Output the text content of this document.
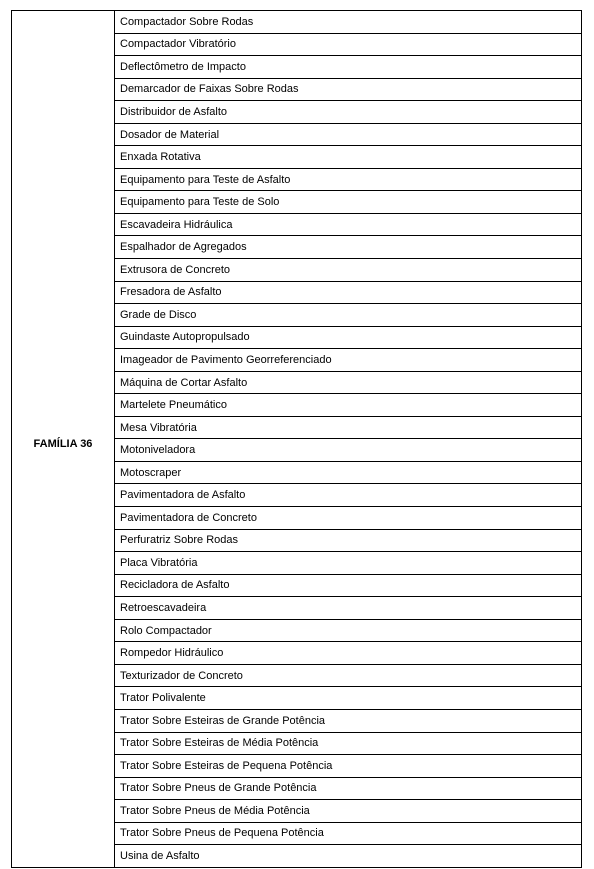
FAMÍLIA 36	Compactador Sobre Rodas
Compactador Vibratório
Deflectômetro de Impacto
Demarcador de Faixas Sobre Rodas
Distribuidor de Asfalto
Dosador de Material
Enxada Rotativa
Equipamento para Teste de Asfalto
Equipamento para Teste de Solo
Escavadeira Hidráulica
Espalhador de Agregados
Extrusora de Concreto
Fresadora de Asfalto
Grade de Disco
Guindaste Autopropulsado
Imageador de Pavimento Georreferenciado
Máquina de Cortar Asfalto
Martelete Pneumático
Mesa Vibratória
Motoniveladora
Motoscraper
Pavimentadora de Asfalto
Pavimentadora de Concreto
Perfuratriz Sobre Rodas
Placa Vibratória
Recicladora de Asfalto
Retroescavadeira
Rolo Compactador
Rompedor Hidráulico
Texturizador de Concreto
Trator Polivalente
Trator Sobre Esteiras de Grande Potência
Trator Sobre Esteiras de Média Potência
Trator Sobre Esteiras de Pequena Potência
Trator Sobre Pneus de Grande Potência
Trator Sobre Pneus de Média Potência
Trator Sobre Pneus de Pequena Potência
Usina de Asfalto
